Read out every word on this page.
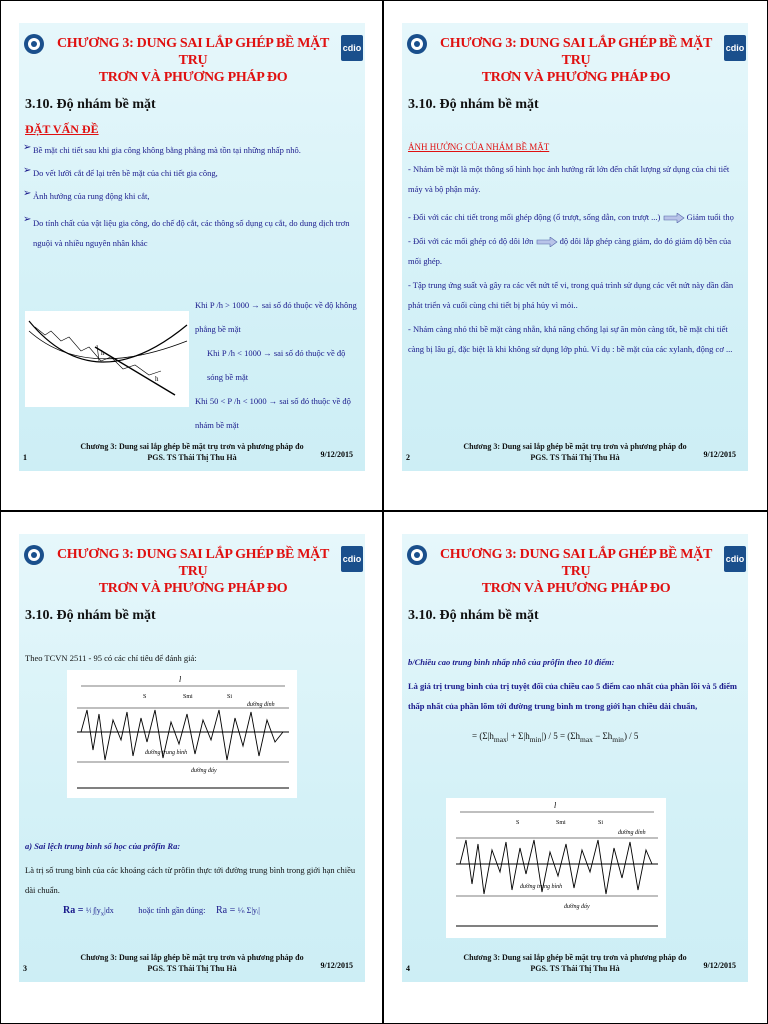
cdio
CHƯƠNG 3: DUNG SAI LẮP GHÉP BỀ MẶT TRỤ
TRƠN VÀ PHƯƠNG PHÁP ĐO
3.10. Độ nhám bề mặt
ĐẶT VẤN ĐỀ
➢ Bề mặt chi tiết sau khi gia công không bằng phẳng mà tồn tại những nhấp nhô.
➢ Do vết lưỡi cắt để lại trên bề mặt của chi tiết gia công,
➢ Ảnh hưởng của rung động khi cắt,
➢ Do tính chất của vật liệu gia công, do chế độ cắt, các thông số dụng cụ cắt, do dung dịch trơn nguội và nhiều nguyên nhân khác
h
h
Khi P /h > 1000 → sai số đó thuộc về độ không phẳng bề mặt
Khi P /h < 1000 → sai số đó thuộc về độ sóng bề mặt
Khi 50 < P /h < 1000 → sai số đó thuộc về độ nhám bề mặt
1
Chương 3: Dung sai lắp ghép bề mặt trụ trơn và phương pháp đo
PGS. TS Thái Thị Thu Hà	9/12/2015
cdio
CHƯƠNG 3: DUNG SAI LẮP GHÉP BỀ MẶT TRỤ
TRƠN VÀ PHƯƠNG PHÁP ĐO
3.10. Độ nhám bề mặt
ẢNH HƯỞNG CỦA NHÁM BỀ MẶT
- Nhám bề mặt là một thông số hình học ảnh hưởng rất lớn đến chất lượng sử dụng của chi tiết máy và bộ phận máy.
- Đối với các chi tiết trong mối ghép động (ổ trượt, sống dẫn, con trượt ...)	Giảm tuổi thọ
- Đối với các mối ghép có độ dôi lớn	độ dôi lắp ghép càng giảm, do đó giảm độ bền của mối ghép.
- Tập trung ứng suất và gây ra các vết nứt tế vi, trong quá trình sử dụng các vết nứt này dần dần phát triển và cuối cùng chi tiết bị phá hủy vì mỏi..
- Nhám càng nhỏ thì bề mặt càng nhẵn, khả năng chống lại sự ăn mòn càng tốt, bề mặt chi tiết càng bị lâu gỉ, đặc biệt là khi không sử dụng lớp phủ. Ví dụ : bề mặt của các xylanh, động cơ ...
2
Chương 3: Dung sai lắp ghép bề mặt trụ trơn và phương pháp đo
PGS. TS Thái Thị Thu Hà	9/12/2015
cdio
CHƯƠNG 3: DUNG SAI LẮP GHÉP BỀ MẶT TRỤ
TRƠN VÀ PHƯƠNG PHÁP ĐO
3.10. Độ nhám bề mặt
Theo TCVN 2511 - 95 có các chỉ tiêu để đánh giá:
l
S	Smi	Si
đường đỉnh
đường trung bình
đường đáy
a) Sai lệch trung bình số học của prôfin Ra:
Là trị số trung bình của các khoảng cách từ prôfin thực tới đường trung bình trong giới hạn chiều dài chuẩn.
Ra = ¹⁄ₗ $\int|y_x|dx$	hoặc tính gần đúng: Ra = ¹⁄ₙ Σ|yᵢ|
3
Chương 3: Dung sai lắp ghép bề mặt trụ trơn và phương pháp đo
PGS. TS Thái Thị Thu Hà	9/12/2015
cdio
CHƯƠNG 3: DUNG SAI LẮP GHÉP BỀ MẶT TRỤ
TRƠN VÀ PHƯƠNG PHÁP ĐO
3.10. Độ nhám bề mặt
b/Chiều cao trung bình nhấp nhô của prôfin theo 10 điểm:
Là giá trị trung bình của trị tuyệt đối của chiều cao 5 điểm cao nhất của phần lồi và 5 điểm thấp nhất của phần lõm tới đường trung bình m trong giới hạn chiều dài chuẩn,
= $(\Sigma|h_{max}| + \Sigma|h_{min}|) / 5 = (\Sigma h_{max} - \Sigma h_{min}) / 5$
l
S	Smi	Si
đường đỉnh
đường trung bình
đường đáy
4
Chương 3: Dung sai lắp ghép bề mặt trụ trơn và phương pháp đo
PGS. TS Thái Thị Thu Hà	9/12/2015
